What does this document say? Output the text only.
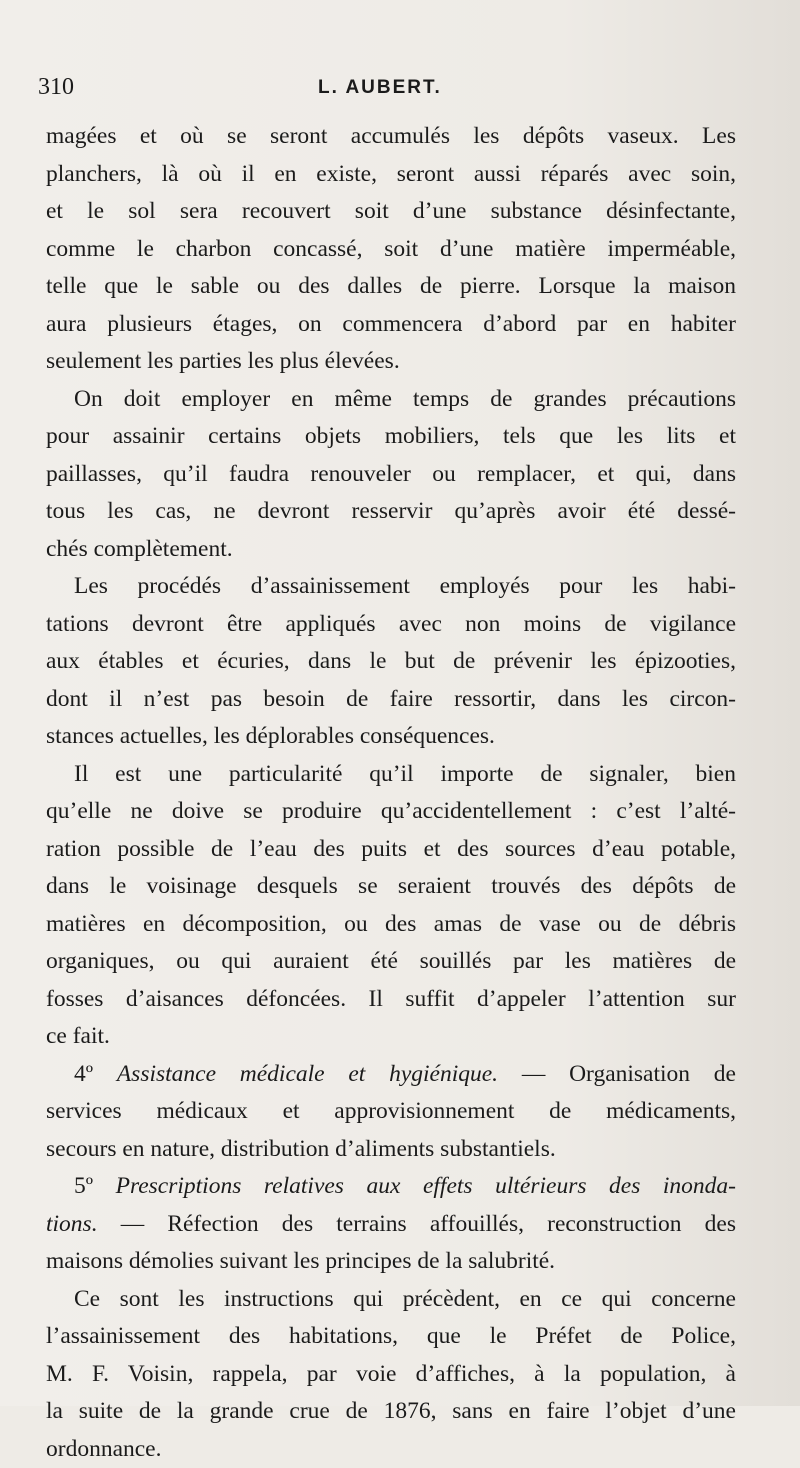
310	L. AUBERT.
magées et où se seront accumulés les dépôts vaseux. Les
planchers, là où il en existe, seront aussi réparés avec soin,
et le sol sera recouvert soit d’une substance désinfectante,
comme le charbon concassé, soit d’une matière imperméable,
telle que le sable ou des dalles de pierre. Lorsque la maison
aura plusieurs étages, on commencera d’abord par en habiter
seulement les parties les plus élevées.
On doit employer en même temps de grandes précautions
pour assainir certains objets mobiliers, tels que les lits et
paillasses, qu’il faudra renouveler ou remplacer, et qui, dans
tous les cas, ne devront resservir qu’après avoir été dessé-
chés complètement.
Les procédés d’assainissement employés pour les habi-
tations devront être appliqués avec non moins de vigilance
aux étables et écuries, dans le but de prévenir les épizooties,
dont il n’est pas besoin de faire ressortir, dans les circon-
stances actuelles, les déplorables conséquences.
Il est une particularité qu’il importe de signaler, bien
qu’elle ne doive se produire qu’accidentellement : c’est l’alté-
ration possible de l’eau des puits et des sources d’eau potable,
dans le voisinage desquels se seraient trouvés des dépôts de
matières en décomposition, ou des amas de vase ou de débris
organiques, ou qui auraient été souillés par les matières de
fosses d’aisances défoncées. Il suffit d’appeler l’attention sur
ce fait.
4º Assistance médicale et hygiénique. — Organisation de
services médicaux et approvisionnement de médicaments,
secours en nature, distribution d’aliments substantiels.
5º Prescriptions relatives aux effets ultérieurs des inonda-
tions. — Réfection des terrains affouillés, reconstruction des
maisons démolies suivant les principes de la salubrité.
Ce sont les instructions qui précèdent, en ce qui concerne
l’assainissement des habitations, que le Préfet de Police,
M. F. Voisin, rappela, par voie d’affiches, à la population, à
la suite de la grande crue de 1876, sans en faire l’objet d’une
ordonnance.
